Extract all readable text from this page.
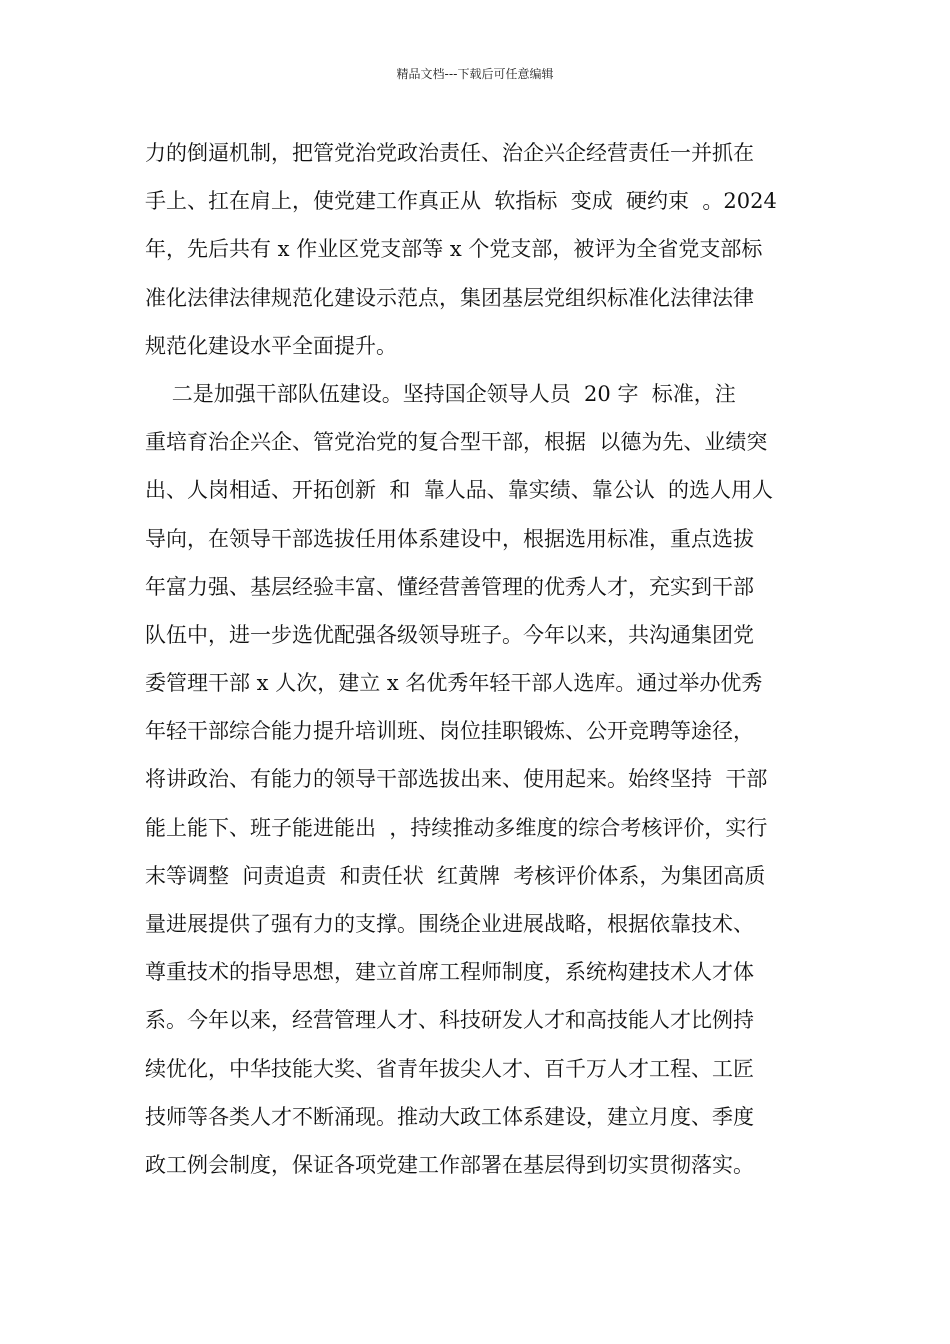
精品文档---下载后可任意编辑
力的倒逼机制，把管党治党政治责任、治企兴企经营责任一并抓在
手上、扛在肩上，使党建工作真正从  软指标  变成  硬约束  。2024
年，先后共有 x 作业区党支部等 x 个党支部，被评为全省党支部标
准化法律法律规范化建设示范点，集团基层党组织标准化法律法律
规范化建设水平全面提升。
二是加强干部队伍建设。坚持国企领导人员  20 字  标准，注
重培育治企兴企、管党治党的复合型干部，根据  以德为先、业绩突
出、人岗相适、开拓创新  和  靠人品、靠实绩、靠公认  的选人用人
导向，在领导干部选拔任用体系建设中，根据选用标准，重点选拔
年富力强、基层经验丰富、懂经营善管理的优秀人才，充实到干部
队伍中，进一步选优配强各级领导班子。今年以来，共沟通集团党
委管理干部 x 人次，建立 x 名优秀年轻干部人选库。通过举办优秀
年轻干部综合能力提升培训班、岗位挂职锻炼、公开竞聘等途径，
将讲政治、有能力的领导干部选拔出来、使用起来。始终坚持  干部
能上能下、班子能进能出  ，持续推动多维度的综合考核评价，实行
末等调整  问责追责  和责任状  红黄牌  考核评价体系，为集团高质
量进展提供了强有力的支撑。围绕企业进展战略，根据依靠技术、
尊重技术的指导思想，建立首席工程师制度，系统构建技术人才体
系。今年以来，经营管理人才、科技研发人才和高技能人才比例持
续优化，中华技能大奖、省青年拔尖人才、百千万人才工程、工匠
技师等各类人才不断涌现。推动大政工体系建设，建立月度、季度
政工例会制度，保证各项党建工作部署在基层得到切实贯彻落实。
